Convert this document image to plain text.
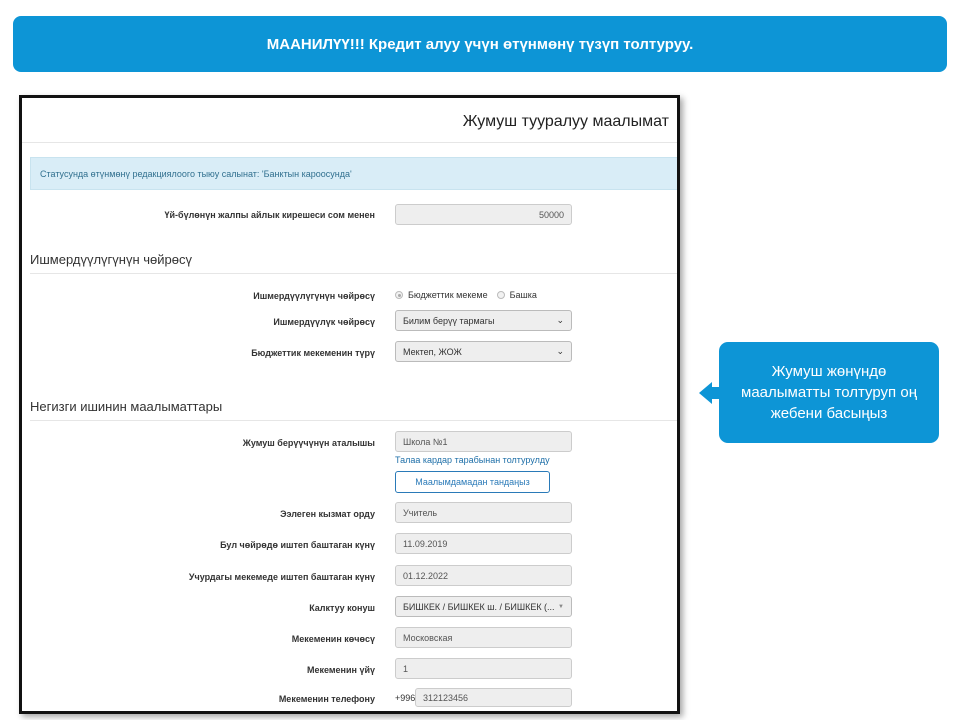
МААНИЛҮҮ!!! Кредит алуу үчүн өтүнмөнү түзүп толтуруу.
Жумуш тууралуу маалымат
Статусунда өтүнмөнү редакциялоого тыюу салынат: 'Банктын кароосунда'
Үй-бүлөнүн жалпы айлык кирешеси сом менен	50000
Ишмердүүлүгүнүн чөйрөсү
Ишмердүүлүгүнүн чөйрөсү	Бюджеттик мекеме Башка
Ишмердүүлүк чөйрөсү	Билим берүү тармагы	⌄
Бюджеттик мекеменин түрү	Мектеп, ЖОЖ	⌄
Негизги ишинин маалыматтары
Жумуш берүүчүнүн аталышы	Школа №1
Талаа кардар тарабынан толтурулду
Маалымдамадан тандаңыз
Ээлеген кызмат орду	Учитель
Бул чөйрөдө иштеп баштаган күнү	11.09.2019
Учурдагы мекемеде иштеп баштаган күнү	01.12.2022
Калктуу конуш	БИШКЕК / БИШКЕК ш. / БИШКЕК (... ▼
Мекеменин көчөсү	Московская
Мекеменин үйү	1
Мекеменин телефону +996 312123456
Жумуш жөнүндө маалыматты толтуруп оң жебени басыңыз
